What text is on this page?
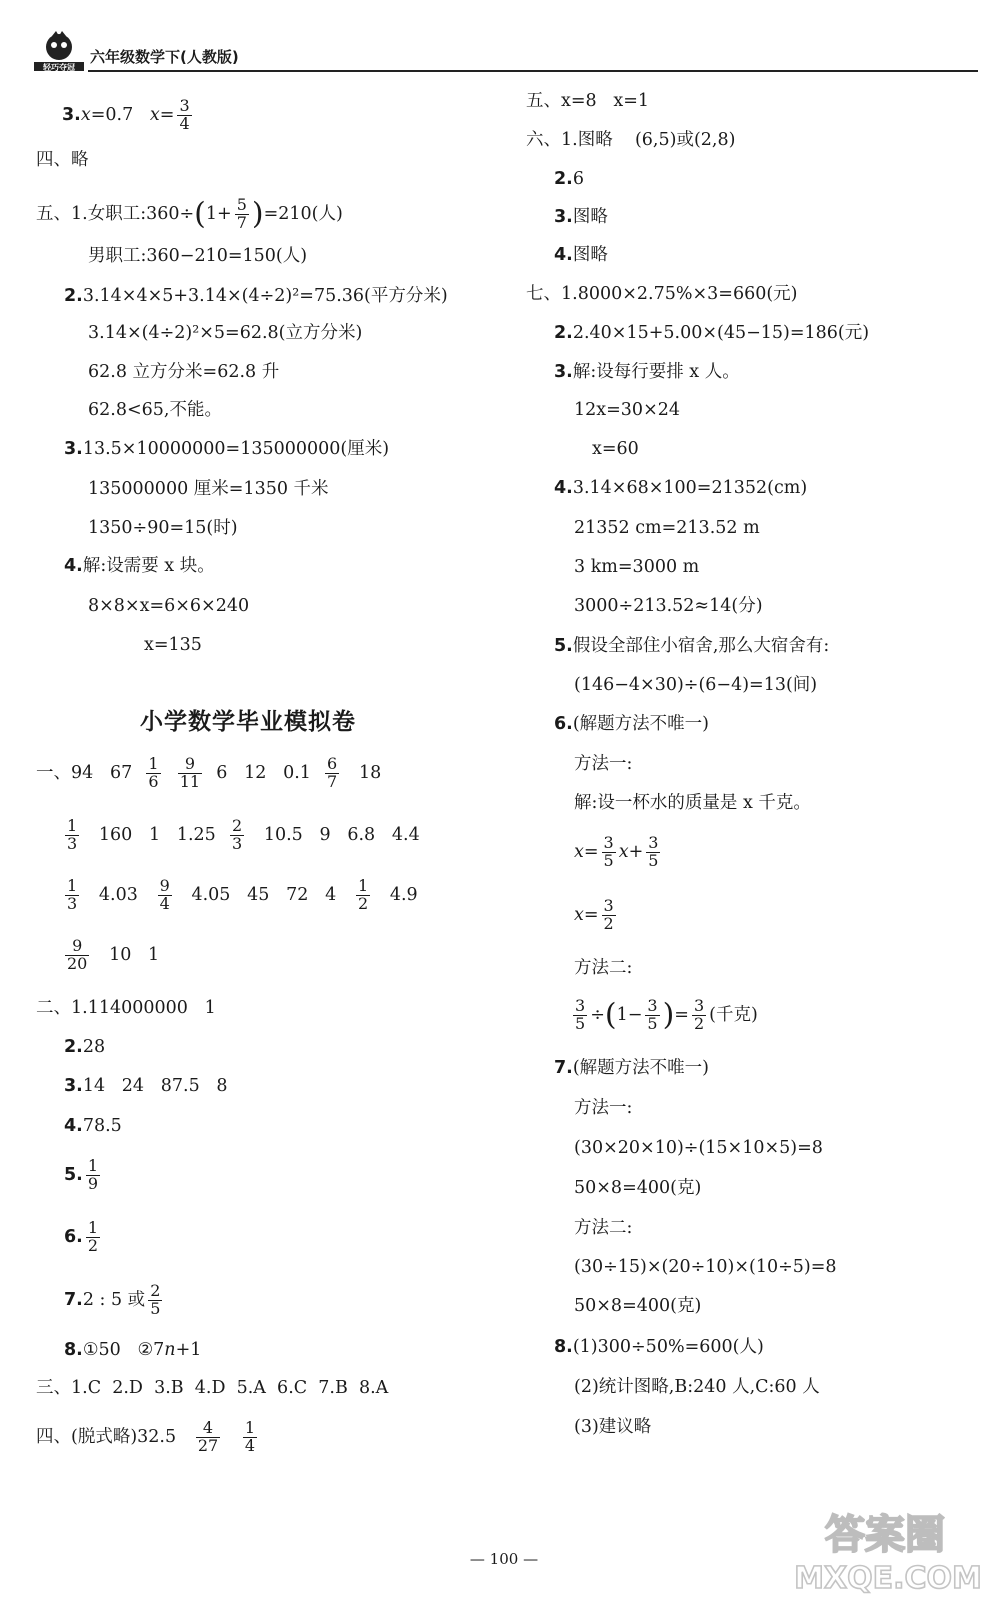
轻巧夺冠
六年级数学下(人教版)
3.x=0.7 $x= \frac{3}{4}$
四、略
五、1.女职工:360÷(1+ $\frac{5}{7} )=210$(人)
男职工:360−210=150(人)
2.3.14×4×5+3.14×(4÷2)²=75.36(平方分米)
3.14×(4÷2)²×5=62.8(立方分米)
62.8 立方分米=62.8 升
62.8<65,不能。
3.13.5×10000000=135000000(厘米)
135000000 厘米=1350 千米
1350÷90=15(时)
4.解:设需要 x 块。
8×8×x=6×6×240
x=135
小学数学毕业模拟卷
一、94 $67 \frac{1}{6}$
$\frac{9}{11} 6$ 12 $0.1 \frac{6}{7} 18$
$\frac{1}{3} 160$ 1 $1.25 \frac{2}{3} 10.5$ 9 6.8 4.4
$\frac{1}{3} 4.03 \frac{9}{4} 4.05$ 45 72 $4 \frac{1}{2} 4.9$
$\frac{9}{20} 10$ 1
二、1.114000000   1
2.28
3.14   24   87.5   8
4.78.5
5. $\frac{1}{9}$
6. $\frac{1}{2}$
7.2 : 5 或 $\frac{2}{5}$
8.①50   ②7n+1
三、1.C  2.D  3.B  4.D  5.A  6.C  7.B  8.A
四、(脱式略)$32.5 \frac{4}{27}$
$\frac{1}{4}$
五、x=8   x=1
六、1.图略    (6,5)或(2,8)
2.6
3.图略
4.图略
七、1.8000×2.75%×3=660(元)
2.2.40×15+5.00×(45−15)=186(元)
3.解:设每行要排 x 人。
12x=30×24
x=60
4.3.14×68×100=21352(cm)
21352 cm=213.52 m
3 km=3000 m
3000÷213.52≈14(分)
5.假设全部住小宿舍,那么大宿舍有:
(146−4×30)÷(6−4)=13(间)
6.(解题方法不唯一)
方法一:
解:设一杯水的质量是 x 千克。
$x= \frac{3}{5} x+ \frac{3}{5}$
$x= \frac{3}{2}$
方法二:
$\frac{3}{5} \div(1- \frac{3}{5}$ )= $\frac{3}{2}$ (千克)
7.(解题方法不唯一)
方法一:
(30×20×10)÷(15×10×5)=8
50×8=400(克)
方法二:
(30÷15)×(20÷10)×(10÷5)=8
50×8=400(克)
8.(1)300÷50%=600(人)
(2)统计图略,B:240 人,C:60 人
(3)建议略
— 100 —
答案圈
MXQE.COM
